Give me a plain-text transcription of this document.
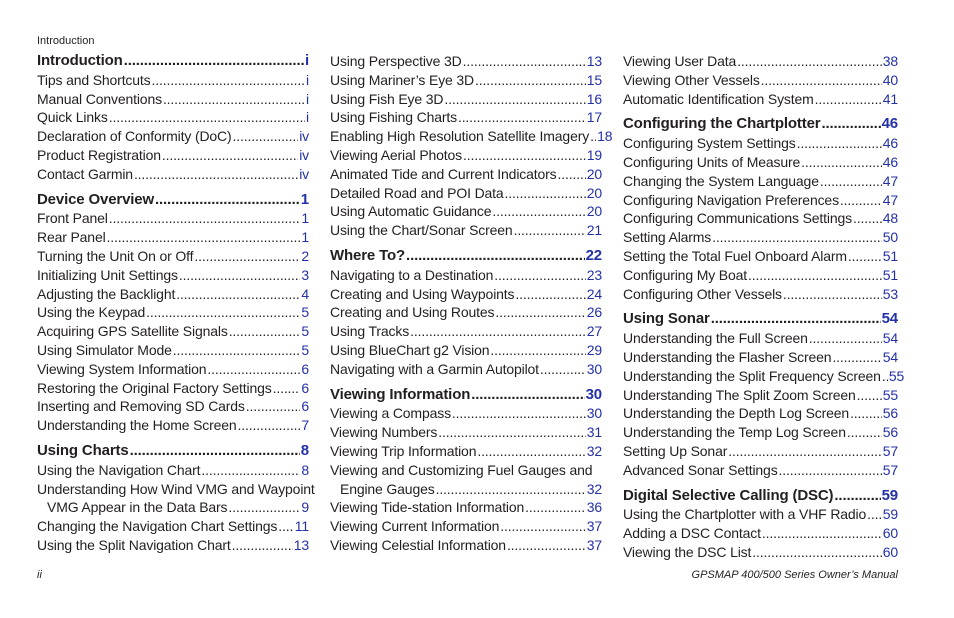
Introduction
Introduction .....	i
Tips and Shortcuts .....	i
Manual Conventions .....	i
Quick Links .....	i
Declaration of Conformity (DoC) .....	iv
Product Registration .....	iv
Contact Garmin .....	iv
Device Overview .....	1
Front Panel .....	1
Rear Panel .....	1
Turning the Unit On or Off .....	2
Initializing Unit Settings .....	3
Adjusting the Backlight .....	4
Using the Keypad .....	5
Acquiring GPS Satellite Signals .....	5
Using Simulator Mode .....	5
Viewing System Information .....	6
Restoring the Original Factory Settings ..... 6
Inserting and Removing SD Cards .....	6
Understanding the Home Screen .....	7
Using Charts .....	8
Using the Navigation Chart .....	8
Understanding How Wind VMG and Waypoint
VMG Appear in the Data Bars .....	9
Changing the Navigation Chart Settings ..... 11
Using the Split Navigation Chart .....	13
Using Perspective 3D .....	13
Using Mariner’s Eye 3D .....	15
Using Fish Eye 3D .....	16
Using Fishing Charts .....	17
Enabling High Resolution Satellite Imagery ..... 18
Viewing Aerial Photos .....	19
Animated Tide and Current Indicators ..... 20
Detailed Road and POI Data .....	20
Using Automatic Guidance .....	20
Using the Chart/Sonar Screen .....	21
Where To? .....	22
Navigating to a Destination .....	23
Creating and Using Waypoints .....	24
Creating and Using Routes .....	26
Using Tracks .....	27
Using BlueChart g2 Vision .....	29
Navigating with a Garmin Autopilot .....	30
Viewing Information .....	30
Viewing a Compass .....	30
Viewing Numbers .....	31
Viewing Trip Information .....	32
Viewing and Customizing Fuel Gauges and
Engine Gauges .....	32
Viewing Tide-station Information .....	36
Viewing Current Information .....	37
Viewing Celestial Information .....	37
Viewing User Data .....	38
Viewing Other Vessels .....	40
Automatic Identification System .....	41
Configuring the Chartplotter .....	46
Configuring System Settings .....	46
Configuring Units of Measure .....	46
Changing the System Language .....	47
Configuring Navigation Preferences .....	47
Configuring Communications Settings ..... 48
Setting Alarms .....	50
Setting the Total Fuel Onboard Alarm .....	51
Configuring My Boat .....	51
Configuring Other Vessels .....	53
Using Sonar .....	54
Understanding the Full Screen .....	54
Understanding the Flasher Screen .....	54
Understanding the Split Frequency Screen ..... 55
Understanding The Split Zoom Screen ..... 55
Understanding the Depth Log Screen ..... 56
Understanding the Temp Log Screen .....	56
Setting Up Sonar .....	57
Advanced Sonar Settings .....	57
Digital Selective Calling (DSC) .....	59
Using the Chartplotter with a VHF Radio ..... 59
Adding a DSC Contact .....	60
Viewing the DSC List .....	60
ii	GPSMAP 400/500 Series Owner’s Manual
